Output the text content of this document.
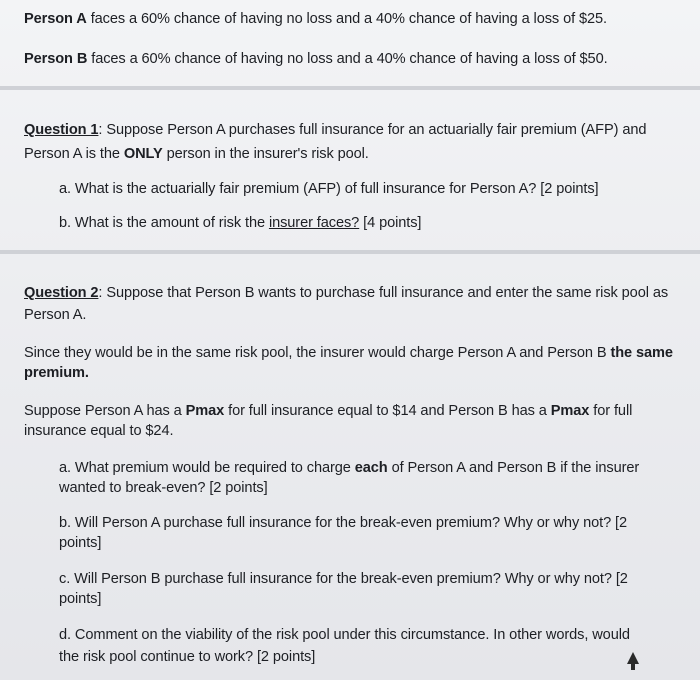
Person A faces a 60% chance of having no loss and a 40% chance of having a loss of $25.
Person B faces a 60% chance of having no loss and a 40% chance of having a loss of $50.
Question 1: Suppose Person A purchases full insurance for an actuarially fair premium (AFP) and
Person A is the ONLY person in the insurer's risk pool.
a. What is the actuarially fair premium (AFP) of full insurance for Person A? [2 points]
b. What is the amount of risk the insurer faces? [4 points]
Question 2: Suppose that Person B wants to purchase full insurance and enter the same risk pool as
Person A.
Since they would be in the same risk pool, the insurer would charge Person A and Person B the same
premium.
Suppose Person A has a Pmax for full insurance equal to $14 and Person B has a Pmax for full
insurance equal to $24.
a. What premium would be required to charge each of Person A and Person B if the insurer
wanted to break-even? [2 points]
b. Will Person A purchase full insurance for the break-even premium? Why or why not? [2
points]
c. Will Person B purchase full insurance for the break-even premium? Why or why not? [2
points]
d. Comment on the viability of the risk pool under this circumstance. In other words, would
the risk pool continue to work? [2 points]
